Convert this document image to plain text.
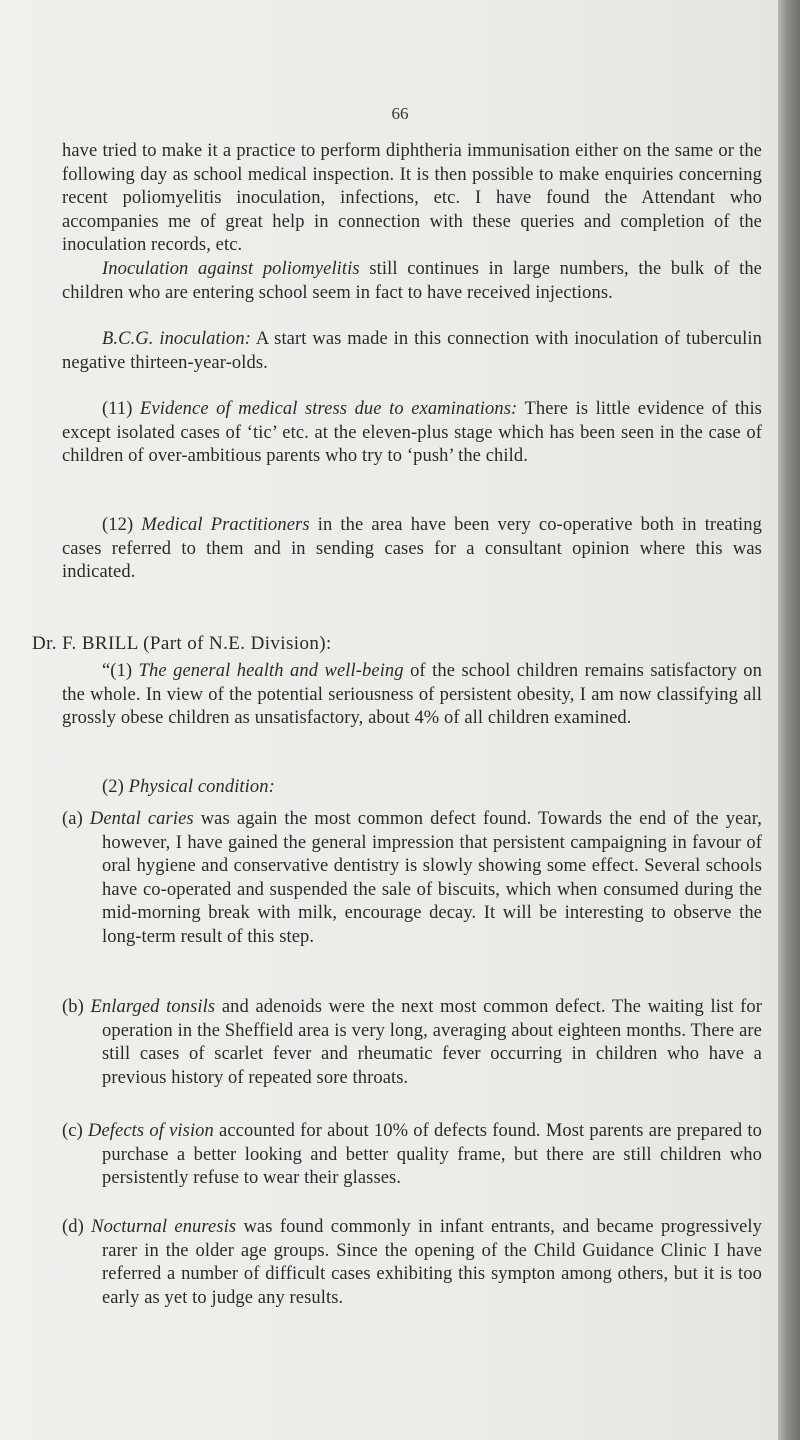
66

have tried to make it a practice to perform diphtheria immunisation either on the same or the following day as school medical inspection. It is then possible to make enquiries concerning recent poliomyelitis inoculation, infections, etc. I have found the Attendant who accompanies me of great help in connection with these queries and completion of the inoculation records, etc.

Inoculation against poliomyelitis still continues in large numbers, the bulk of the children who are entering school seem in fact to have received injections.

B.C.G. inoculation: A start was made in this connection with inoculation of tuberculin negative thirteen-year-olds.

(11) Evidence of medical stress due to examinations: There is little evidence of this except isolated cases of ‘tic’ etc. at the eleven-plus stage which has been seen in the case of children of over-ambitious parents who try to ‘push’ the child.

(12) Medical Practitioners in the area have been very co-operative both in treating cases referred to them and in sending cases for a consultant opinion where this was indicated.

Dr. F. BRILL (Part of N.E. Division):

“(1) The general health and well-being of the school children remains satisfactory on the whole. In view of the potential seriousness of persistent obesity, I am now classifying all grossly obese children as unsatisfactory, about 4% of all children examined.

(2) Physical condition:

(a) Dental caries was again the most common defect found. Towards the end of the year, however, I have gained the general impression that persistent campaigning in favour of oral hygiene and conservative dentistry is slowly showing some effect. Several schools have co-operated and suspended the sale of biscuits, which when consumed during the mid-morning break with milk, encourage decay. It will be interesting to observe the long-term result of this step.

(b) Enlarged tonsils and adenoids were the next most common defect. The waiting list for operation in the Sheffield area is very long, averaging about eighteen months. There are still cases of scarlet fever and rheumatic fever occurring in children who have a previous history of repeated sore throats.

(c) Defects of vision accounted for about 10% of defects found. Most parents are prepared to purchase a better looking and better quality frame, but there are still children who persistently refuse to wear their glasses.

(d) Nocturnal enuresis was found commonly in infant entrants, and became progressively rarer in the older age groups. Since the opening of the Child Guidance Clinic I have referred a number of difficult cases exhibiting this sympton among others, but it is too early as yet to judge any results.
